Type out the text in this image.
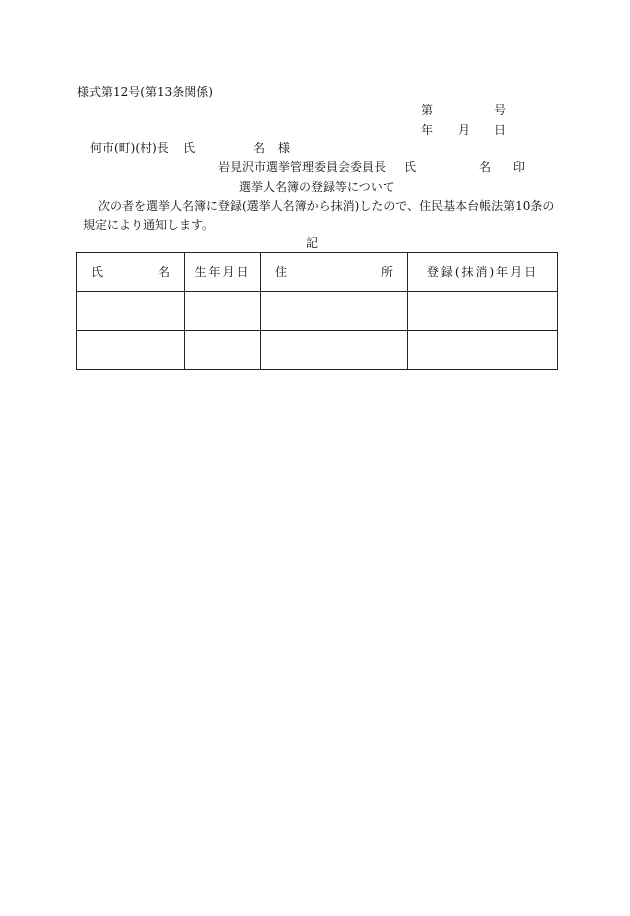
様式第12号(第13条関係)
第	号
年 月 日
何市(町)(村)長 氏	名 様
岩見沢市選挙管理委員会委員長 氏	名 印
選挙人名簿の登録等について
次の者を選挙人名簿に登録(選挙人名簿から抹消)したので、住民基本台帳法第10条の
規定により通知します。
記
氏 名	生年月日	住 所	登録(抹消)年月日
